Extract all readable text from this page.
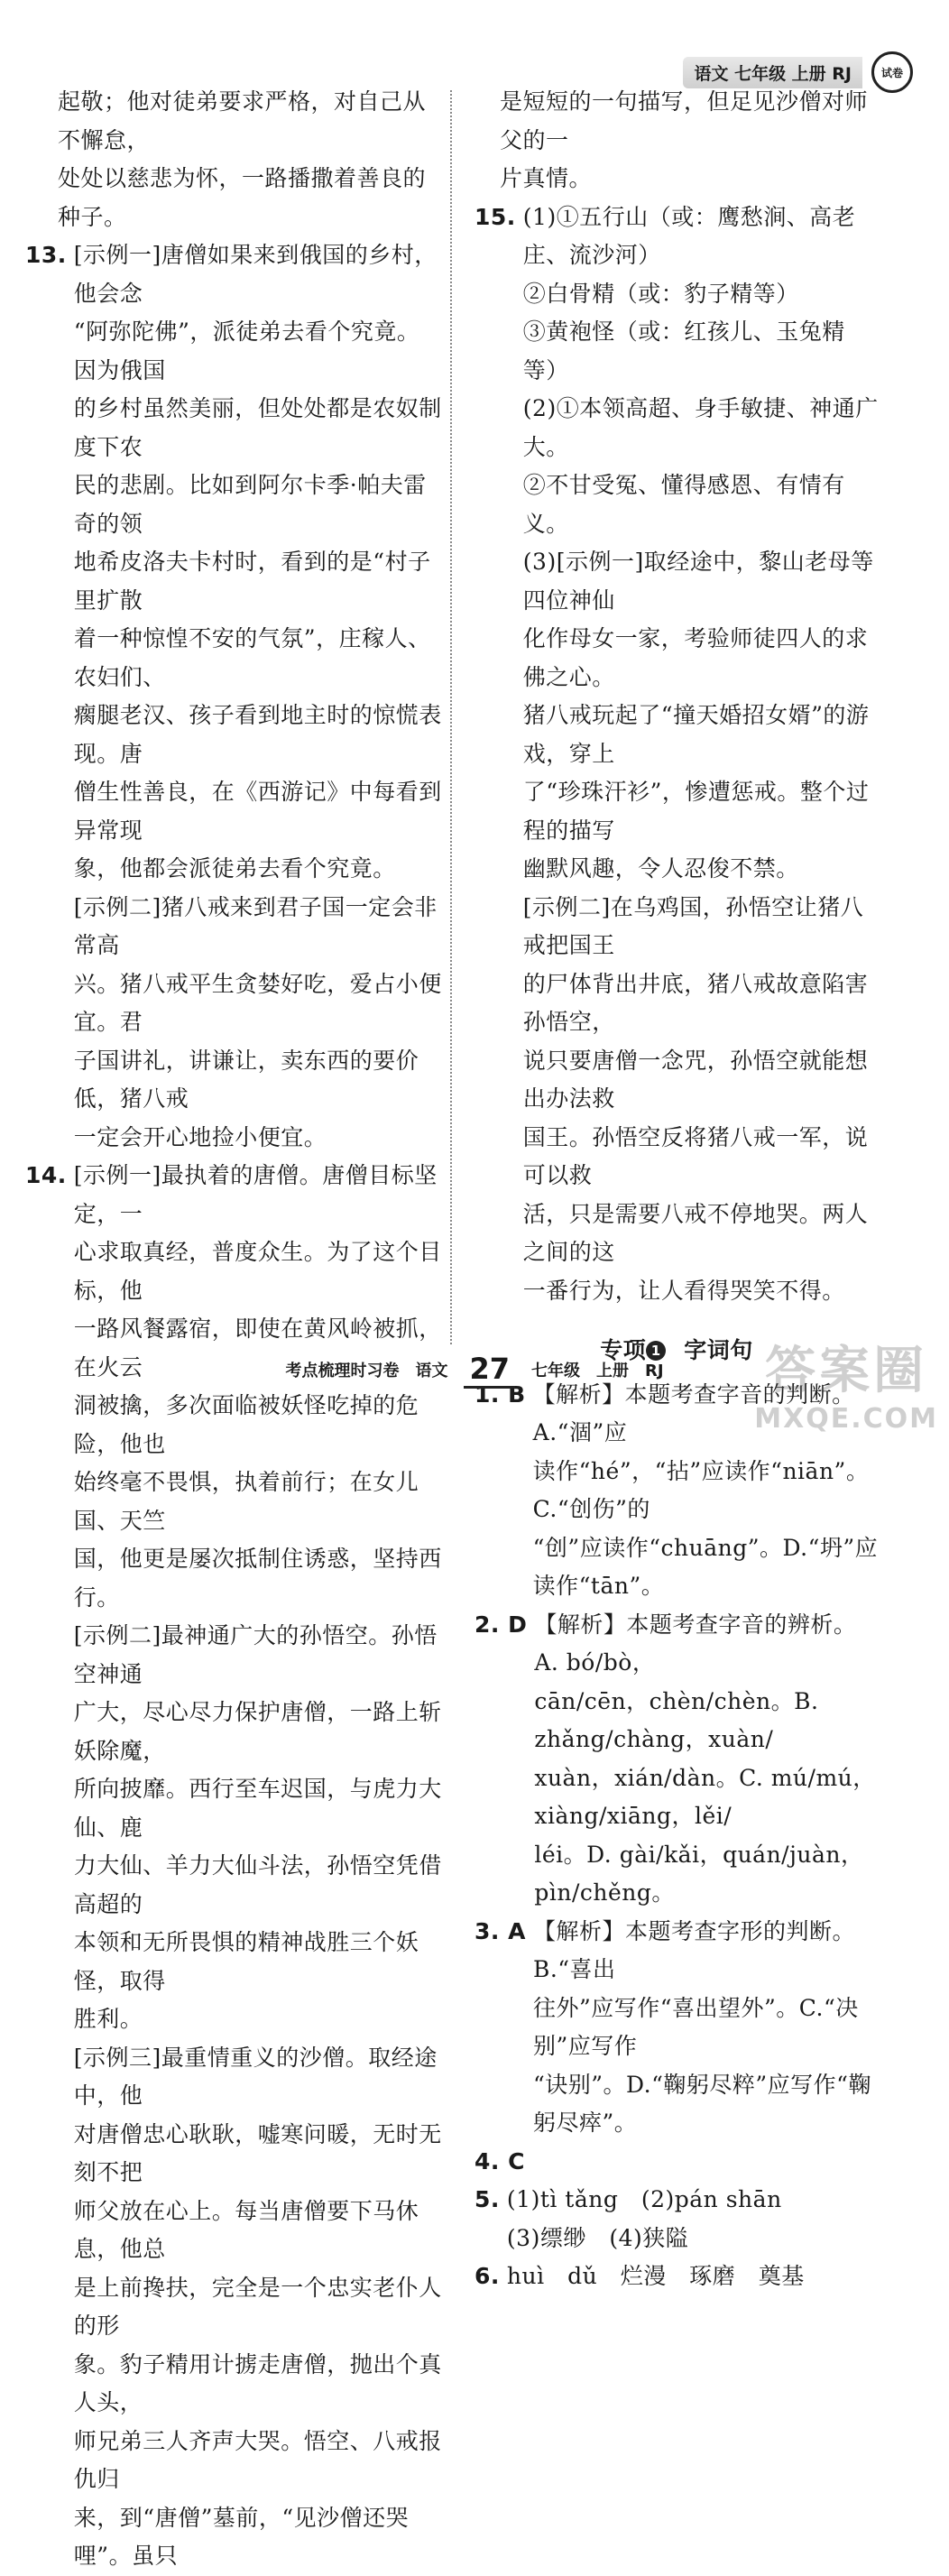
语文 七年级 上册 RJ	试卷

起敬；他对徒弟要求严格，对自己从不懈怠，

处处以慈悲为怀，一路播撒着善良的种子。

13. [示例一]唐僧如果来到俄国的乡村，他会念

“阿弥陀佛”，派徒弟去看个究竟。因为俄国

的乡村虽然美丽，但处处都是农奴制度下农

民的悲剧。比如到阿尔卡季·帕夫雷奇的领

地希皮洛夫卡村时，看到的是“村子里扩散

着一种惊惶不安的气氛”，庄稼人、农妇们、

瘸腿老汉、孩子看到地主时的惊慌表现。唐

僧生性善良，在《西游记》中每看到异常现

象，他都会派徒弟去看个究竟。

[示例二]猪八戒来到君子国一定会非常高

兴。猪八戒平生贪婪好吃，爱占小便宜。君

子国讲礼，讲谦让，卖东西的要价低，猪八戒

一定会开心地捡小便宜。

14. [示例一]最执着的唐僧。唐僧目标坚定，一

心求取真经，普度众生。为了这个目标，他

一路风餐露宿，即使在黄风岭被抓，在火云

洞被擒，多次面临被妖怪吃掉的危险，他也

始终毫不畏惧，执着前行；在女儿国、天竺

国，他更是屡次抵制住诱惑，坚持西行。

[示例二]最神通广大的孙悟空。孙悟空神通

广大，尽心尽力保护唐僧，一路上斩妖除魔，

所向披靡。西行至车迟国，与虎力大仙、鹿

力大仙、羊力大仙斗法，孙悟空凭借高超的

本领和无所畏惧的精神战胜三个妖怪，取得

胜利。

[示例三]最重情重义的沙僧。取经途中，他

对唐僧忠心耿耿，嘘寒问暖，无时无刻不把

师父放在心上。每当唐僧要下马休息，他总

是上前搀扶，完全是一个忠实老仆人的形

象。豹子精用计掳走唐僧，抛出个真人头，

师兄弟三人齐声大哭。悟空、八戒报仇归

来，到“唐僧”墓前，“见沙僧还哭哩”。虽只

是短短的一句描写，但足见沙僧对师父的一

片真情。

15. (1)①五行山（或：鹰愁涧、高老庄、流沙河）

②白骨精（或：豹子精等）

③黄袍怪（或：红孩儿、玉兔精等）

(2)①本领高超、身手敏捷、神通广大。

②不甘受冤、懂得感恩、有情有义。

(3)[示例一]取经途中，黎山老母等四位神仙

化作母女一家，考验师徒四人的求佛之心。

猪八戒玩起了“撞天婚招女婿”的游戏，穿上

了“珍珠汗衫”，惨遭惩戒。整个过程的描写

幽默风趣，令人忍俊不禁。

[示例二]在乌鸡国，孙悟空让猪八戒把国王

的尸体背出井底，猪八戒故意陷害孙悟空，

说只要唐僧一念咒，孙悟空就能想出办法救

国王。孙悟空反将猪八戒一军，说可以救

活，只是需要八戒不停地哭。两人之间的这

一番行为，让人看得哭笑不得。

专项 1 字词句
1. B 【解析】本题考查字音的判断。A.“涸”应

读作“hé”，“拈”应读作“niān”。C.“创伤”的

“创”应读作“chuāng”。D.“坍”应读作“tān”。

2. D 【解析】本题考查字音的辨析。A. bó/bò，

cān/cēn，chèn/chèn。B. zhǎng/chàng，xuàn/

xuàn，xián/dàn。C. mú/mú，xiàng/xiāng，lěi/

léi。D. gài/kǎi，quán/juàn，pìn/chěng。

3. A 【解析】本题考查字形的判断。B.“喜出

往外”应写作“喜出望外”。C.“决别”应写作

“诀别”。D.“鞠躬尽粹”应写作“鞠躬尽瘁”。

4. C
5. (1)tì tǎng　(2)pán shān

(3)缥缈　(4)狭隘

6. huì　dǔ　烂漫　琢磨　奠基

考点梳理时习卷　语文 27	七年级　上册　RJ 答案圈
MXQE.COM
